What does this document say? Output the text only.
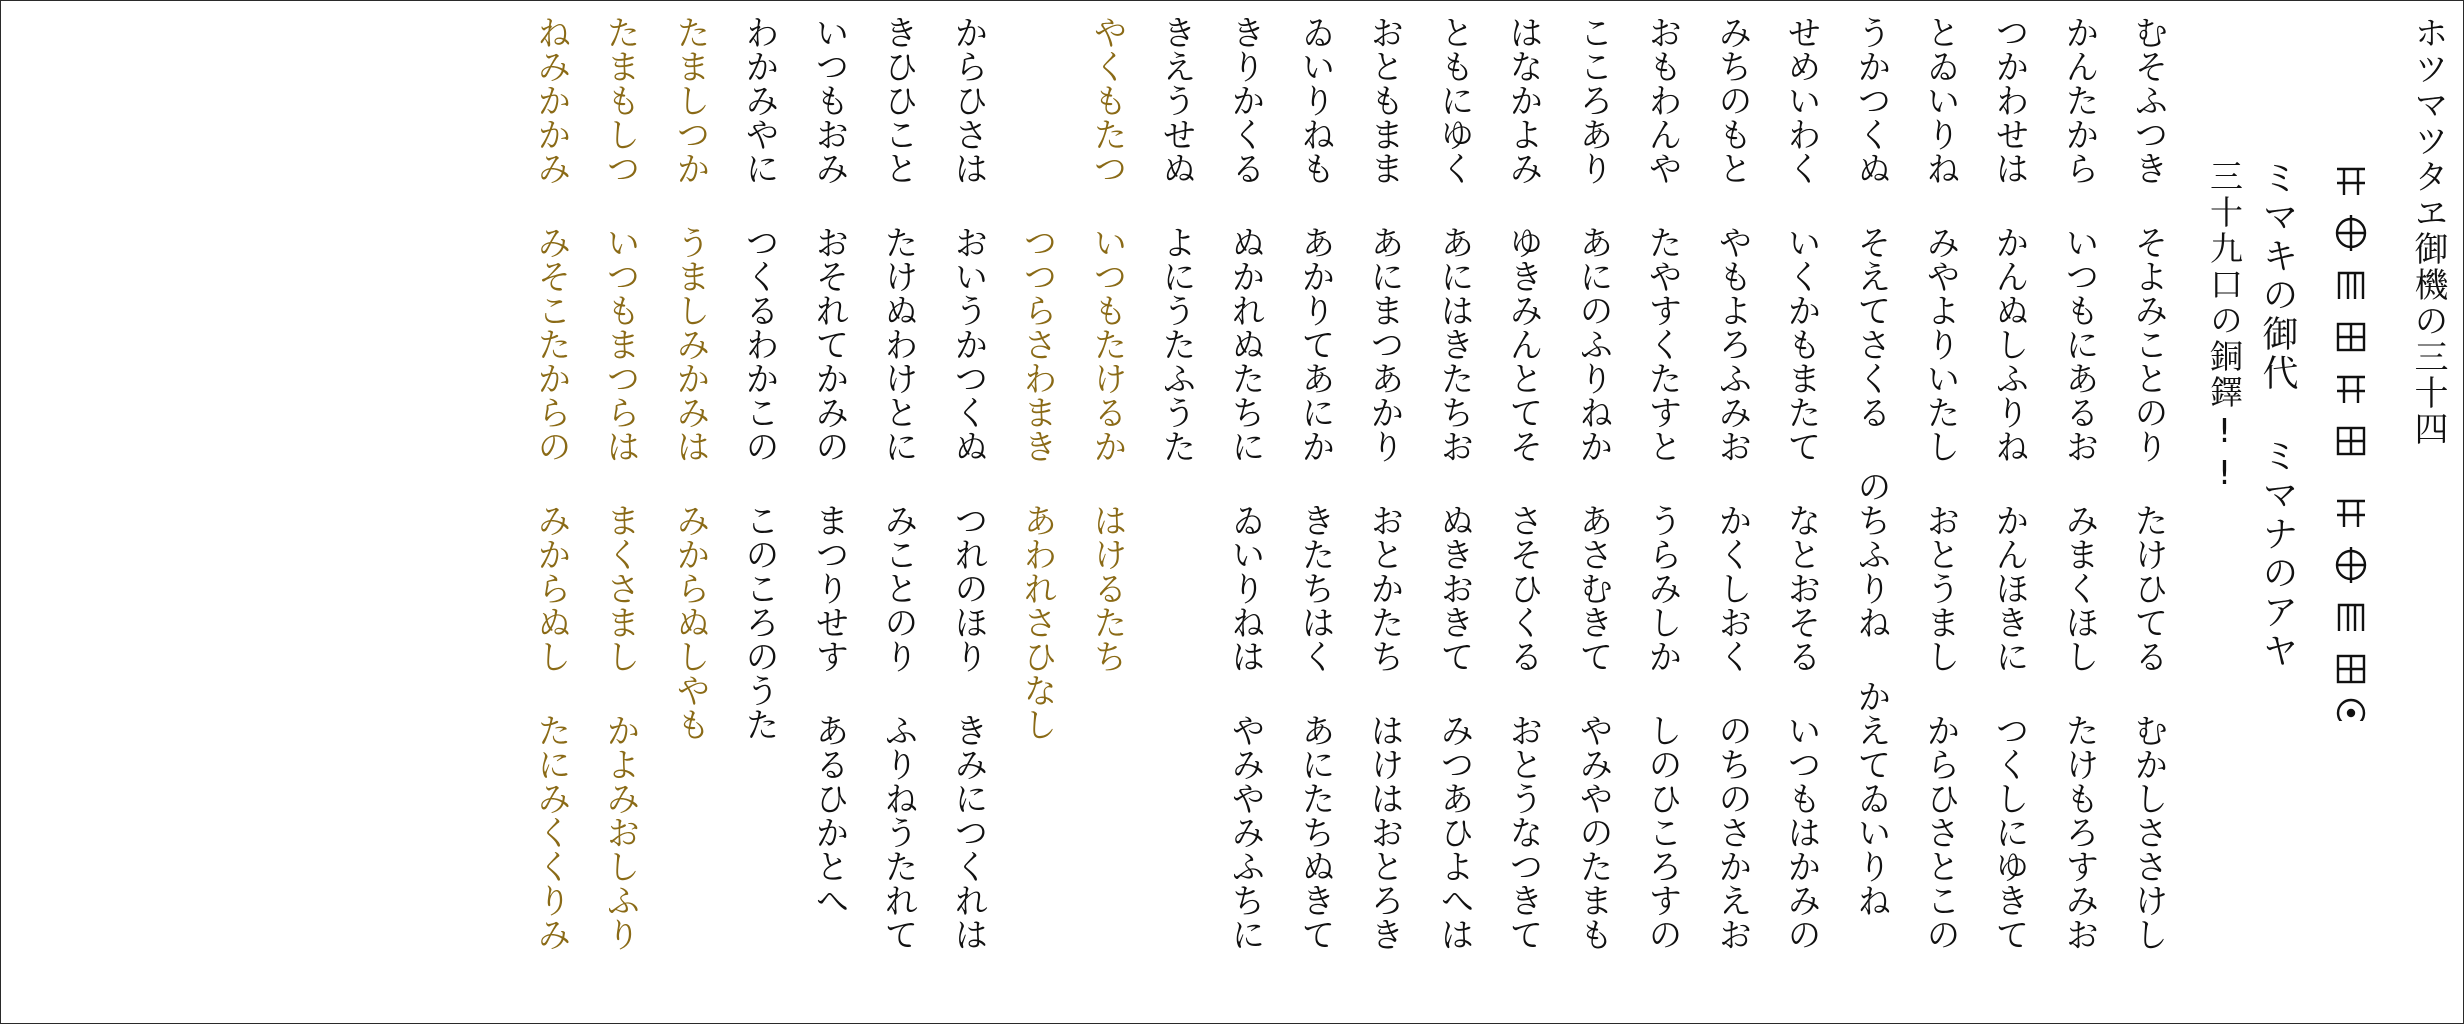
ホツマツタヱ御機の三十四
ミマキの御代 ミマナのアヤ
三十九口の銅鐸!!
むそふつき そよみことのり たけひてる むかしささけし
かんたから いつもにあるお みまくほし たけもろすみお
つかわせは かんぬしふりね かんほきに つくしにゆきて
とゐいりね みやよりいたし おとうまし からひさとこの
うかつくぬ そえてさくる のちふりね かえてゐいりね
せめいわく いくかもまたて なとおそる いつもはかみの
みちのもと やもよろふみお かくしおく のちのさかえお
おもわんや たやすくたすと うらみしか しのひころすの
こころあり あにのふりねか あさむきて やみやのたまも
はなかよみ ゆきみんとてそ さそひくる おとうなつきて
ともにゆく あにはきたちお ぬきおきて みつあひよへは
おともまま あにまつあかり おとかたち はけはおとろき
ゐいりねも あかりてあにか きたちはく あにたちぬきて
きりかくる ぬかれぬたちに ゐいりねは やみやみふちに
きえうせぬ よにうたふうた
やくもたつ いつもたけるか はけるたち
　　　　　 つつらさわまき あわれさひなし
からひさは おいうかつくぬ つれのほり きみにつくれは
きひひこと たけぬわけとに みことのり ふりねうたれて
いつもおみ おそれてかみの まつりせす あるひかとへ
わかみやに つくるわかこの このころのうた
たましつか うましみかみは みからぬしやも
たまもしつ いつもまつらは まくさまし かよみおしふり
ねみかかみ みそこたからの みからぬし たにみくくりみ
